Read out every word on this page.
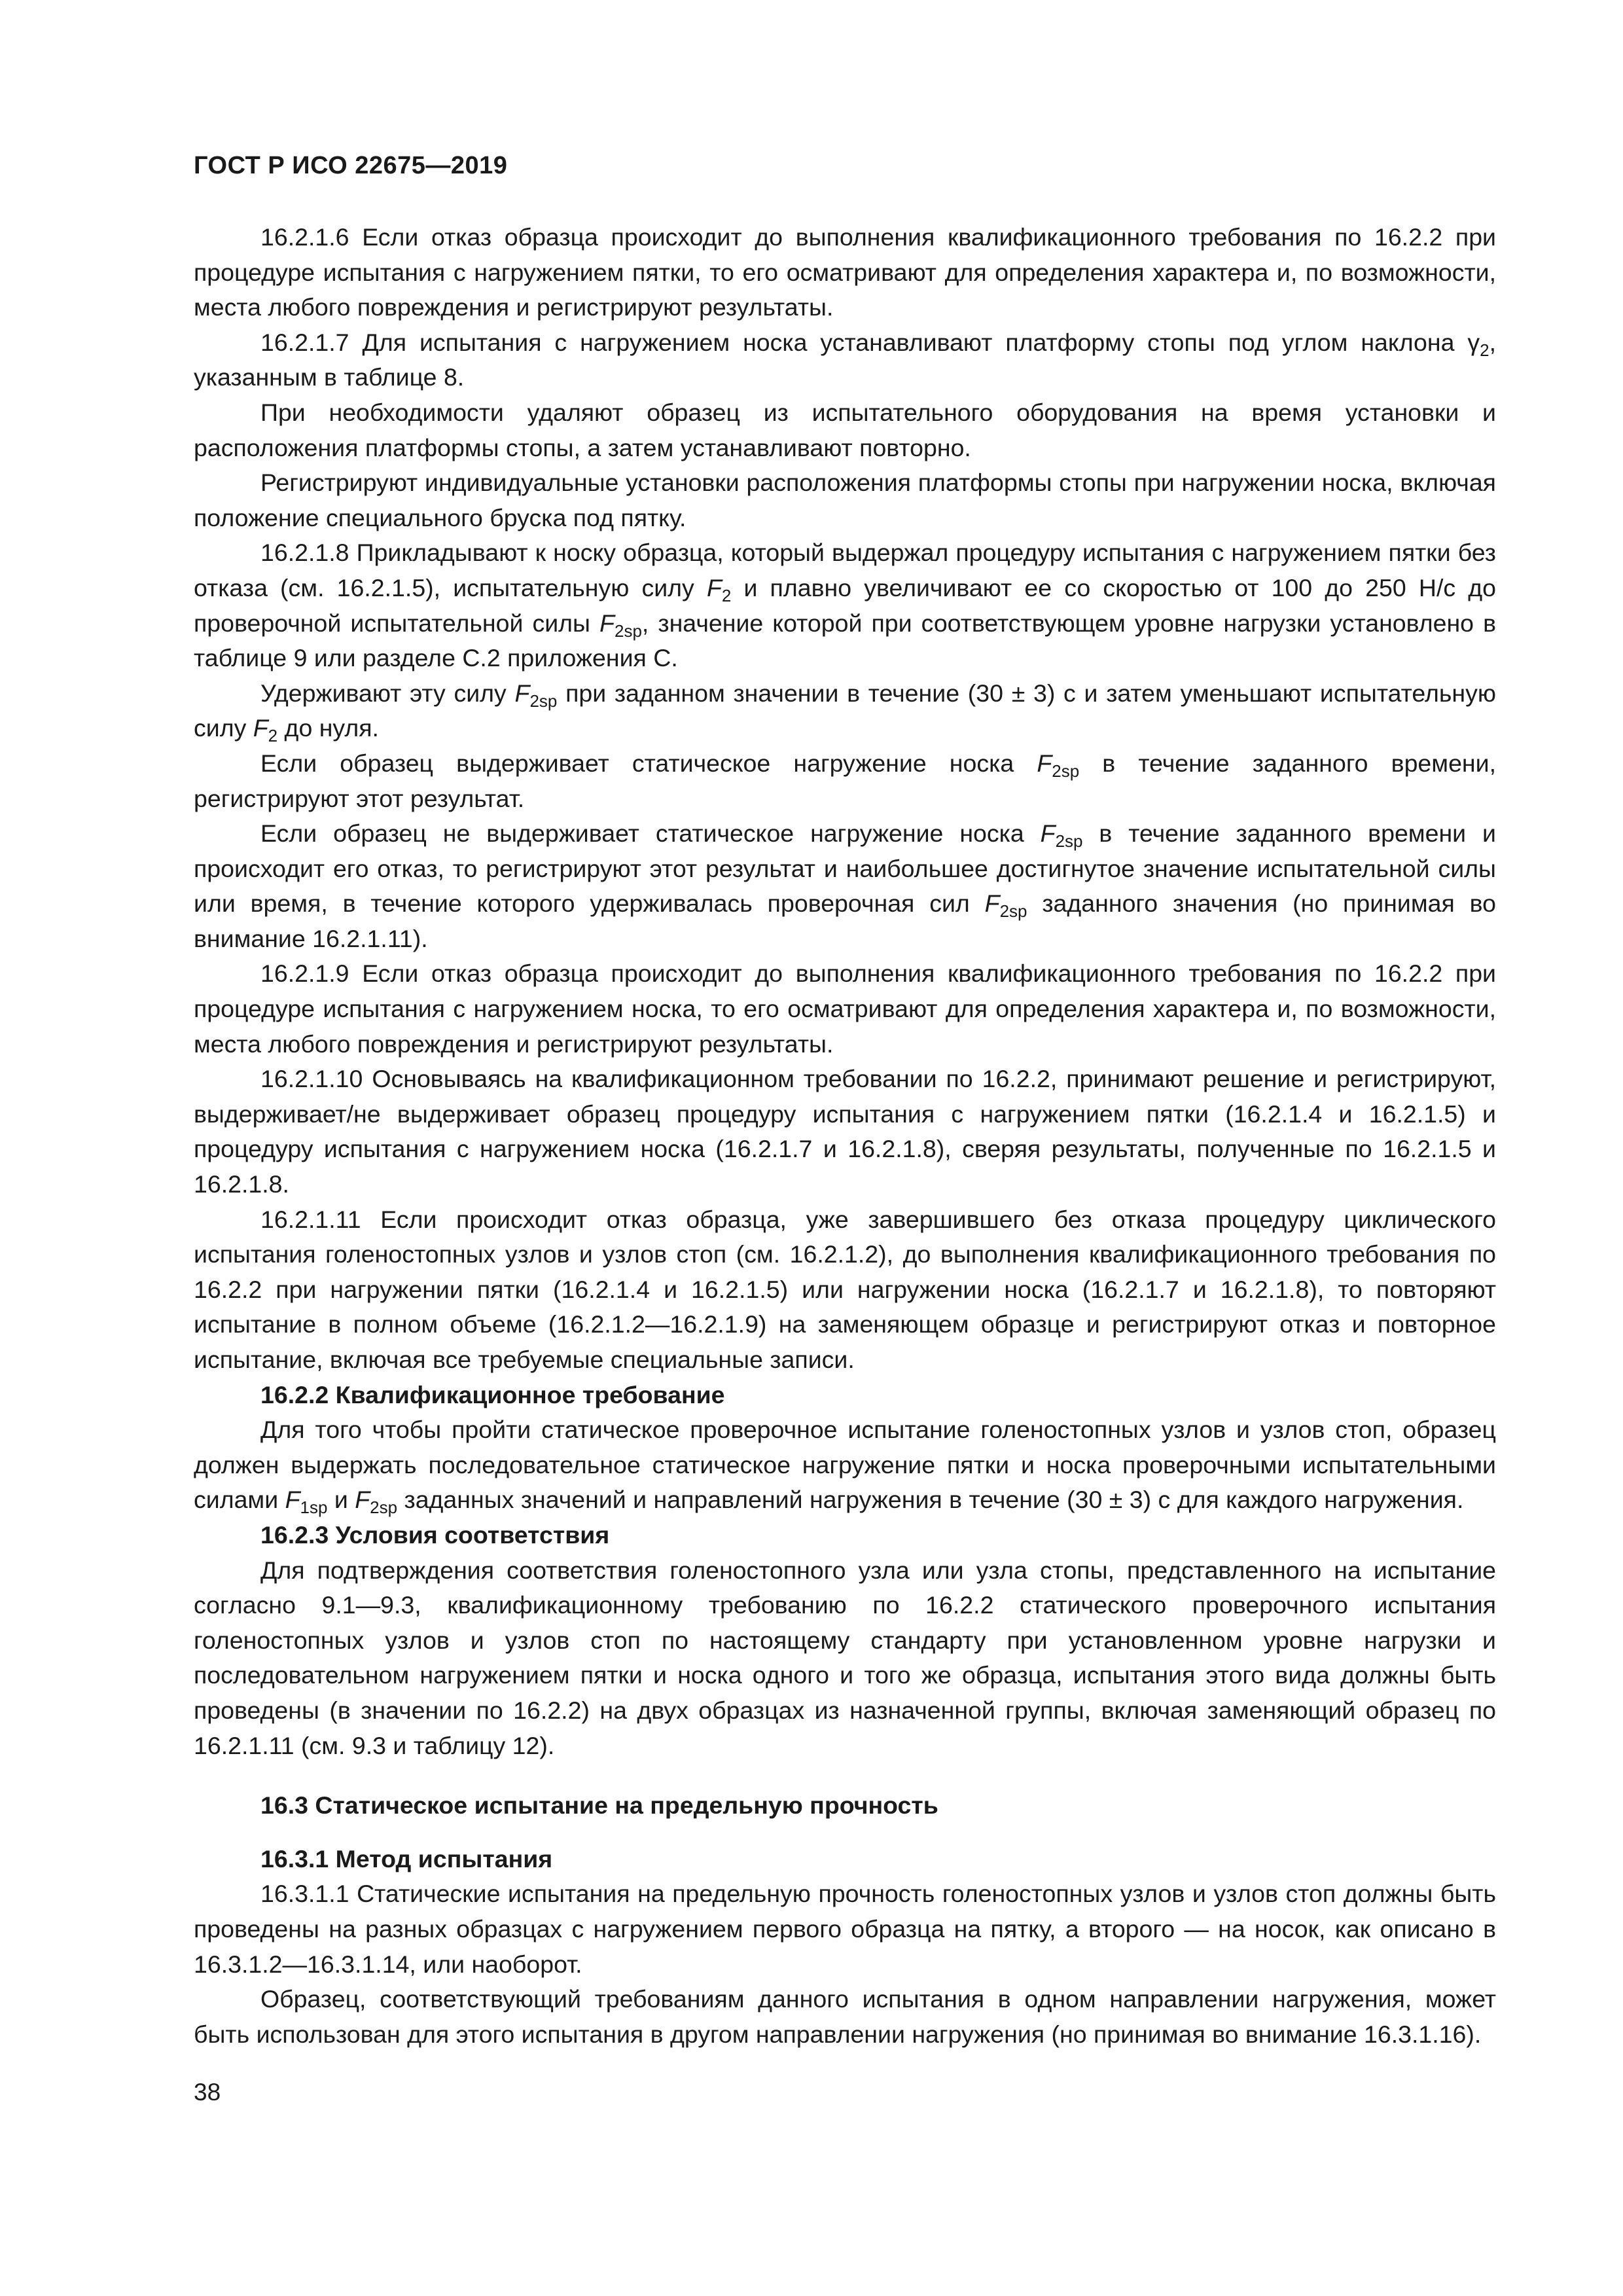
ГОСТ Р ИСО 22675—2019

16.2.1.6 Если отказ образца происходит до выполнения квалификационного требования по 16.2.2 при процедуре испытания с нагружением пятки, то его осматривают для определения характера и, по возможности, места любого повреждения и регистрируют результаты.

16.2.1.7 Для испытания с нагружением носка устанавливают платформу стопы под углом наклона $\gamma_2$, указанным в таблице 8.

При необходимости удаляют образец из испытательного оборудования на время установки и расположения платформы стопы, а затем устанавливают повторно.

Регистрируют индивидуальные установки расположения платформы стопы при нагружении носка, включая положение специального бруска под пятку.

16.2.1.8 Прикладывают к носку образца, который выдержал процедуру испытания с нагружением пятки без отказа (см. 16.2.1.5), испытательную силу $F_2$ и плавно увеличивают ее со скоростью от 100 до 250 Н/с до проверочной испытательной силы $F_{2sp}$, значение которой при соответствующем уровне нагрузки установлено в таблице 9 или разделе С.2 приложения С.

Удерживают эту силу $F_{2sp}$ при заданном значении в течение (30 ± 3) с и затем уменьшают испытательную силу $F_2$ до нуля.

Если образец выдерживает статическое нагружение носка $F_{2sp}$ в течение заданного времени, регистрируют этот результат.

Если образец не выдерживает статическое нагружение носка $F_{2sp}$ в течение заданного времени и происходит его отказ, то регистрируют этот результат и наибольшее достигнутое значение испытательной силы или время, в течение которого удерживалась проверочная сил $F_{2sp}$ заданного значения (но принимая во внимание 16.2.1.11).

16.2.1.9 Если отказ образца происходит до выполнения квалификационного требования по 16.2.2 при процедуре испытания с нагружением носка, то его осматривают для определения характера и, по возможности, места любого повреждения и регистрируют результаты.

16.2.1.10 Основываясь на квалификационном требовании по 16.2.2, принимают решение и регистрируют, выдерживает/не выдерживает образец процедуру испытания с нагружением пятки (16.2.1.4 и 16.2.1.5) и процедуру испытания с нагружением носка (16.2.1.7 и 16.2.1.8), сверяя результаты, полученные по 16.2.1.5 и 16.2.1.8.

16.2.1.11 Если происходит отказ образца, уже завершившего без отказа процедуру циклического испытания голеностопных узлов и узлов стоп (см. 16.2.1.2), до выполнения квалификационного требования по 16.2.2 при нагружении пятки (16.2.1.4 и 16.2.1.5) или нагружении носка (16.2.1.7 и 16.2.1.8), то повторяют испытание в полном объеме (16.2.1.2—16.2.1.9) на заменяющем образце и регистрируют отказ и повторное испытание, включая все требуемые специальные записи.

16.2.2 Квалификационное требование

Для того чтобы пройти статическое проверочное испытание голеностопных узлов и узлов стоп, образец должен выдержать последовательное статическое нагружение пятки и носка проверочными испытательными силами $F_{1sp}$ и $F_{2sp}$ заданных значений и направлений нагружения в течение (30 ± 3) с для каждого нагружения.

16.2.3 Условия соответствия

Для подтверждения соответствия голеностопного узла или узла стопы, представленного на испытание согласно 9.1—9.3, квалификационному требованию по 16.2.2 статического проверочного испытания голеностопных узлов и узлов стоп по настоящему стандарту при установленном уровне нагрузки и последовательном нагружением пятки и носка одного и того же образца, испытания этого вида должны быть проведены (в значении по 16.2.2) на двух образцах из назначенной группы, включая заменяющий образец по 16.2.1.11 (см. 9.3 и таблицу 12).

16.3 Статическое испытание на предельную прочность
16.3.1 Метод испытания

16.3.1.1 Статические испытания на предельную прочность голеностопных узлов и узлов стоп должны быть проведены на разных образцах с нагружением первого образца на пятку, а второго — на носок, как описано в 16.3.1.2—16.3.1.14, или наоборот.

Образец, соответствующий требованиям данного испытания в одном направлении нагружения, может быть использован для этого испытания в другом направлении нагружения (но принимая во внимание 16.3.1.16).

38
